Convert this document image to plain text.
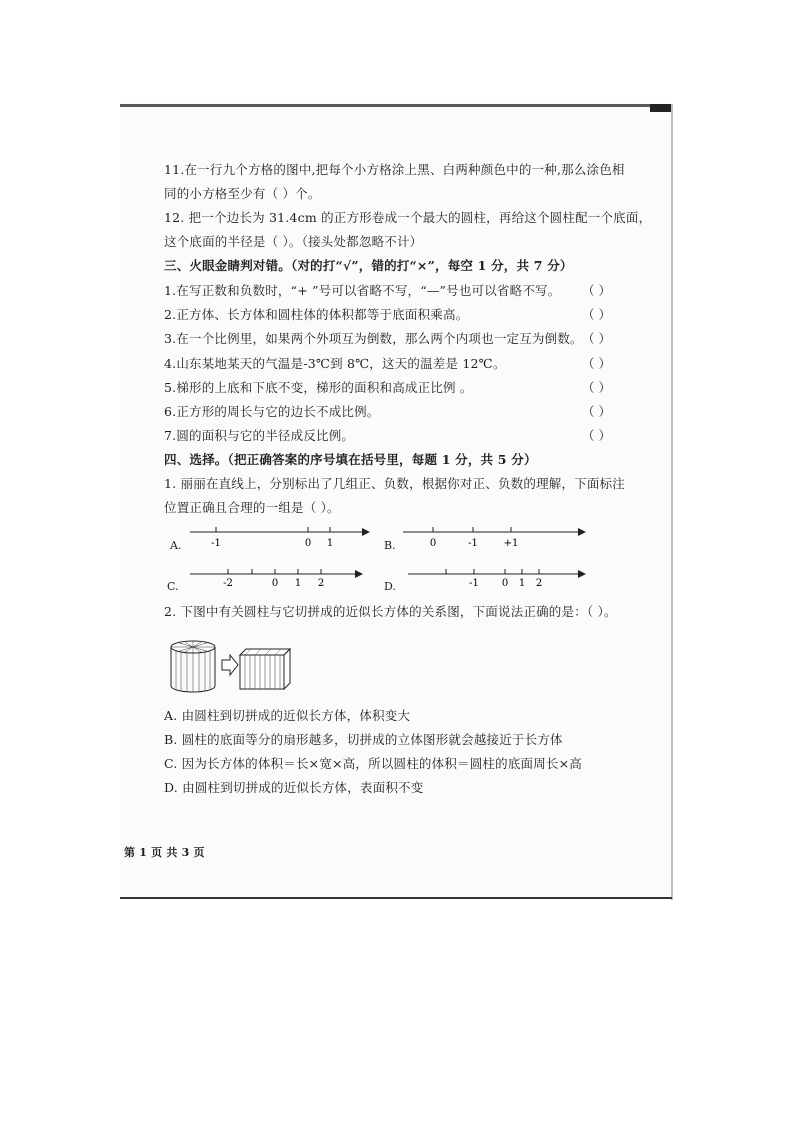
11.在一行九个方格的图中,把每个小方格涂上黑、白两种颜色中的一种,那么涂色相
同的小方格至少有（ ）个。
12. 把一个边长为 31.4cm 的正方形卷成一个最大的圆柱，再给这个圆柱配一个底面，
这个底面的半径是（ ）。（接头处都忽略不计）
三、火眼金睛判对错。（对的打“√”，错的打“×”，每空 1 分，共 7 分）
1.在写正数和负数时，“+ ”号可以省略不写，“—”号也可以省略不写。 （ ）
2.正方体、长方体和圆柱体的体积都等于底面积乘高。	（ ）
3.在一个比例里，如果两个外项互为倒数，那么两个内项也一定互为倒数。 （ ）
4.山东某地某天的气温是-3℃到 8℃，这天的温差是 12℃。	（ ）
5.梯形的上底和下底不变，梯形的面积和高成正比例 。	（ ）
6.正方形的周长与它的边长不成比例。	（ ）
7.圆的面积与它的半径成反比例。	（ ）
四、选择。（把正确答案的序号填在括号里，每题 1 分，共 5 分）
1. 丽丽在直线上，分别标出了几组正、负数，根据你对正、负数的理解，下面标注
位置正确且合理的一组是（ ）。
A.	-1	0 1	B.	0	-1	+1
C.	-2	0 1 2	D.	-1 0 1 2
2. 下图中有关圆柱与它切拼成的近似长方体的关系图，下面说法正确的是：（ ）。
A. 由圆柱到切拼成的近似长方体，体积变大
B. 圆柱的底面等分的扇形越多，切拼成的立体图形就会越接近于长方体
C. 因为长方体的体积＝长×宽×高，所以圆柱的体积＝圆柱的底面周长×高
D. 由圆柱到切拼成的近似长方体，表面积不变
第 1 页 共 3 页
